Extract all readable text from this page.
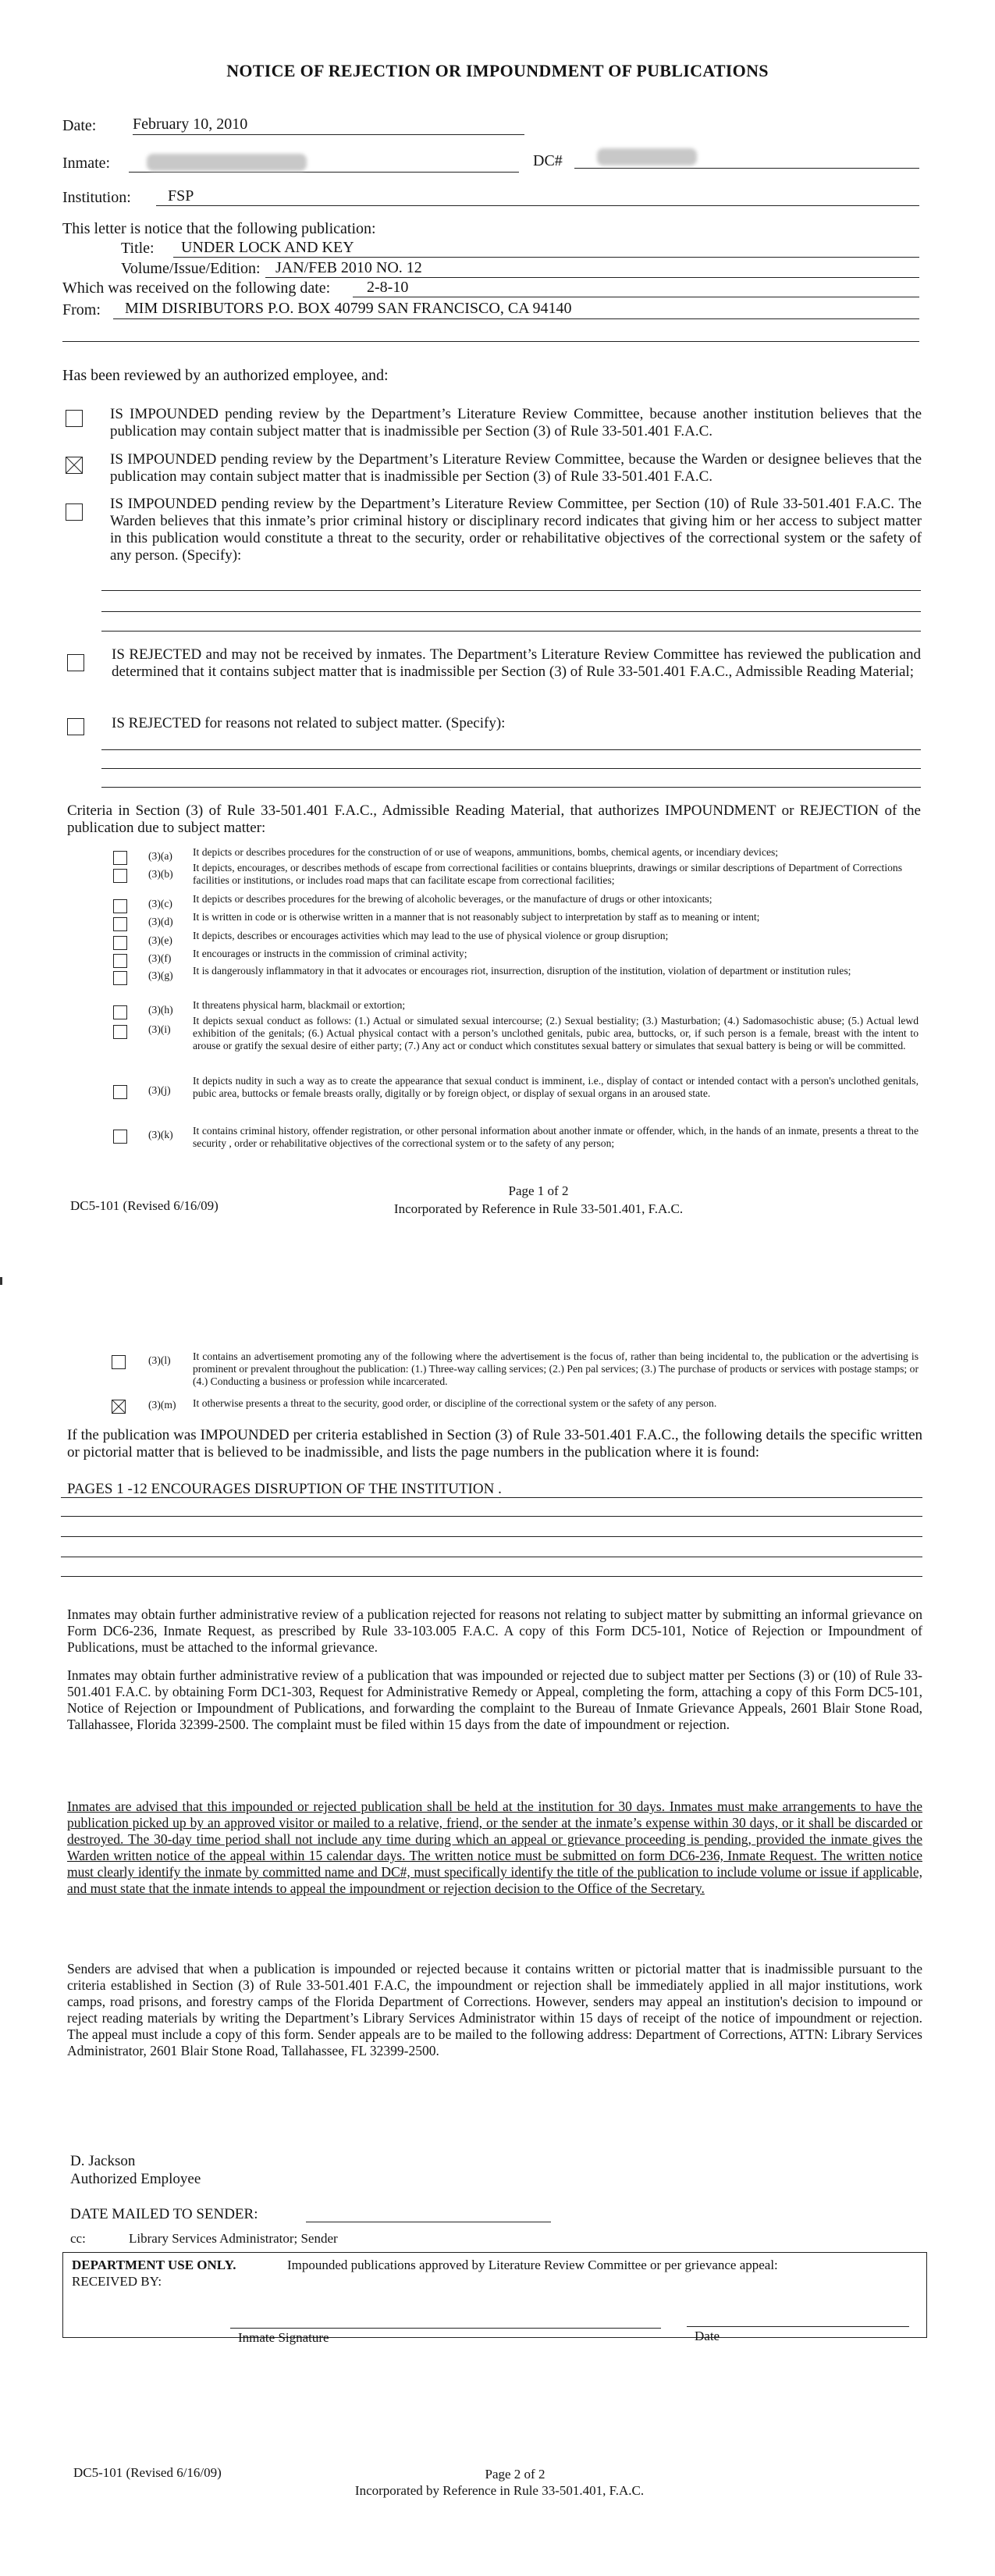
NOTICE OF REJECTION OR IMPOUNDMENT OF PUBLICATIONS
Date: February 10, 2010
Inmate:	DC#
Institution: FSP
This letter is notice that the following publication:
Title: UNDER LOCK AND KEY
Volume/Issue/Edition: JAN/FEB 2010 NO. 12
Which was received on the following date: 2-8-10
From: MIM DISRIBUTORS P.O. BOX 40799 SAN FRANCISCO, CA 94140
Has been reviewed by an authorized employee, and:
IS IMPOUNDED pending review by the Department’s Literature Review Committee, because another institution believes that the publication may contain subject matter that is inadmissible per Section (3) of Rule 33-501.401 F.A.C.
IS IMPOUNDED pending review by the Department’s Literature Review Committee, because the Warden or designee believes that the publication may contain subject matter that is inadmissible per Section (3) of Rule 33-501.401 F.A.C.
IS IMPOUNDED pending review by the Department’s Literature Review Committee, per Section (10) of Rule 33-501.401 F.A.C. The Warden believes that this inmate’s prior criminal history or disciplinary record indicates that giving him or her access to subject matter in this publication would constitute a threat to the security, order or rehabilitative objectives of the correctional system or the safety of any person. (Specify):
IS REJECTED and may not be received by inmates. The Department’s Literature Review Committee has reviewed the publication and determined that it contains subject matter that is inadmissible per Section (3) of Rule 33-501.401 F.A.C., Admissible Reading Material;
IS REJECTED for reasons not related to subject matter. (Specify):
Criteria in Section (3) of Rule 33-501.401 F.A.C., Admissible Reading Material, that authorizes IMPOUNDMENT or REJECTION of the publication due to subject matter:
(3)(a)	It depicts or describes procedures for the construction of or use of weapons, ammunitions, bombs, chemical agents, or incendiary devices;
(3)(b)
It depicts, encourages, or describes methods of escape from correctional facilities or contains blueprints, drawings or similar descriptions of Department of Corrections facilities or institutions, or includes road maps that can facilitate escape from correctional facilities;
(3)(c)	It depicts or describes procedures for the brewing of alcoholic beverages, or the manufacture of drugs or other intoxicants;
(3)(d)	It is written in code or is otherwise written in a manner that is not reasonably subject to interpretation by staff as to meaning or intent;
(3)(e)	It depicts, describes or encourages activities which may lead to the use of physical violence or group disruption;
(3)(f)	It encourages or instructs in the commission of criminal activity;
(3)(g)	It is dangerously inflammatory in that it advocates or encourages riot, insurrection, disruption of the institution, violation of department or institution rules;
(3)(h)	It threatens physical harm, blackmail or extortion;
(3)(i)
It depicts sexual conduct as follows: (1.) Actual or simulated sexual intercourse; (2.) Sexual bestiality; (3.) Masturbation; (4.) Sadomasochistic abuse; (5.) Actual lewd exhibition of the genitals; (6.) Actual physical contact with a person’s unclothed genitals, pubic area, buttocks, or, if such person is a female, breast with the intent to arouse or gratify the sexual desire of either party; (7.) Any act or conduct which constitutes sexual battery or simulates that sexual battery is being or will be committed.
(3)(j)
It depicts nudity in such a way as to create the appearance that sexual conduct is imminent, i.e., display of contact or intended contact with a person's unclothed genitals, pubic area, buttocks or female breasts orally, digitally or by foreign object, or display of sexual organs in an aroused state.
(3)(k)	It contains criminal history, offender registration, or other personal information about another inmate or offender, which, in the hands of an inmate, presents a threat to the security , order or rehabilitative objectives of the correctional system or to the safety of any person;
DC5-101 (Revised 6/16/09)
Page 1 of 2
Incorporated by Reference in Rule 33-501.401, F.A.C.
(3)(l)	It contains an advertisement promoting any of the following where the advertisement is the focus of, rather than being incidental to, the publication or the advertising is prominent or prevalent throughout the publication: (1.) Three-way calling services; (2.) Pen pal services; (3.) The purchase of products or services with postage stamps; or (4.) Conducting a business or profession while incarcerated.
(3)(m)	It otherwise presents a threat to the security, good order, or discipline of the correctional system or the safety of any person.
If the publication was IMPOUNDED per criteria established in Section (3) of Rule 33-501.401 F.A.C., the following details the specific written or pictorial matter that is believed to be inadmissible, and lists the page numbers in the publication where it is found:
PAGES 1 -12 ENCOURAGES DISRUPTION OF THE INSTITUTION .
Inmates may obtain further administrative review of a publication rejected for reasons not relating to subject matter by submitting an informal grievance on Form DC6-236, Inmate Request, as prescribed by Rule 33-103.005 F.A.C. A copy of this Form DC5-101, Notice of Rejection or Impoundment of Publications, must be attached to the informal grievance.
Inmates may obtain further administrative review of a publication that was impounded or rejected due to subject matter per Sections (3) or (10) of Rule 33-501.401 F.A.C. by obtaining Form DC1-303, Request for Administrative Remedy or Appeal, completing the form, attaching a copy of this Form DC5-101, Notice of Rejection or Impoundment of Publications, and forwarding the complaint to the Bureau of Inmate Grievance Appeals, 2601 Blair Stone Road, Tallahassee, Florida 32399-2500. The complaint must be filed within 15 days from the date of impoundment or rejection.
Inmates are advised that this impounded or rejected publication shall be held at the institution for 30 days. Inmates must make arrangements to have the publication picked up by an approved visitor or mailed to a relative, friend, or the sender at the inmate’s expense within 30 days, or it shall be discarded or destroyed. The 30-day time period shall not include any time during which an appeal or grievance proceeding is pending, provided the inmate gives the Warden written notice of the appeal within 15 calendar days. The written notice must be submitted on form DC6-236, Inmate Request. The written notice must clearly identify the inmate by committed name and DC#, must specifically identify the title of the publication to include volume or issue if applicable, and must state that the inmate intends to appeal the impoundment or rejection decision to the Office of the Secretary.
Senders are advised that when a publication is impounded or rejected because it contains written or pictorial matter that is inadmissible pursuant to the criteria established in Section (3) of Rule 33-501.401 F.A.C, the impoundment or rejection shall be immediately applied in all major institutions, work camps, road prisons, and forestry camps of the Florida Department of Corrections. However, senders may appeal an institution's decision to impound or reject reading materials by writing the Department’s Library Services Administrator within 15 days of receipt of the notice of impoundment or rejection. The appeal must include a copy of this form. Sender appeals are to be mailed to the following address: Department of Corrections, ATTN: Library Services Administrator, 2601 Blair Stone Road, Tallahassee, FL 32399-2500.
D. Jackson
Authorized Employee
DATE MAILED TO SENDER:
cc:	Library Services Administrator; Sender
DEPARTMENT USE ONLY.	Impounded publications approved by Literature Review Committee or per grievance appeal:
RECEIVED BY:
Inmate Signature	Date
DC5-101 (Revised 6/16/09)	Page 2 of 2
Incorporated by Reference in Rule 33-501.401, F.A.C.
